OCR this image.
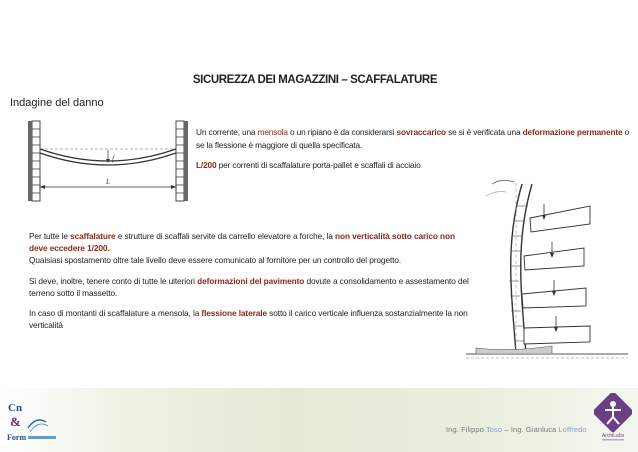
SICUREZZA DEI MAGAZZINI – SCAFFALATURE
Indagine del danno
f
L

Un corrente, una mensola o un ripiano è da considerarsi sovraccarico se si è verificata una deformazione permanente o se la flessione è maggiore di quella specificata.

L/200 per correnti di scaffalature porta-pallet e scaffali di acciaio

Per tutte le scaffalature e strutture di scaffali servite da carrello elevatore a forche, la non verticalità sotto carico non deve eccedere 1/200.
Qualsiasi spostamento oltre tale livello deve essere comunicato al fornitore per un controllo del progetto.

Si deve, inoltre, tenere conto di tutte le ulteriori deformazioni del pavimento dovute a consolidamento e assestamento del terreno sotto il massetto.

In caso di montanti di scaffalature a mensola, la flessione laterale sotto il carico verticale influenza sostanzialmente la non verticalità

Cn
&
Form	ArchiLabs
Ing. Filippo Toso – Ing. Gianluca Loffredo
